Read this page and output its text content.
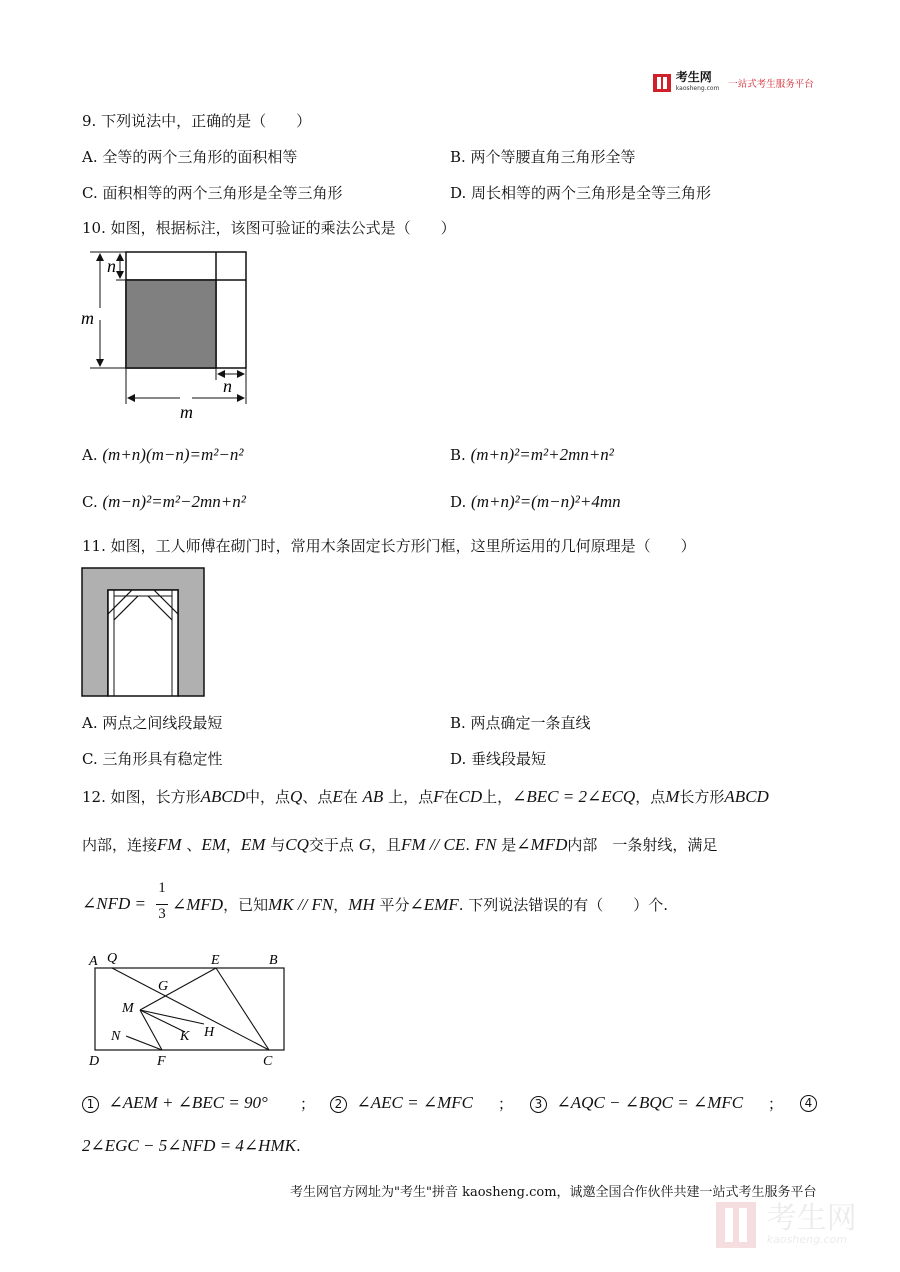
考生网
kaosheng.com 一站式考生服务平台
9. 下列说法中，正确的是（　　）
A. 全等的两个三角形的面积相等	B. 两个等腰直角三角形全等
C. 面积相等的两个三角形是全等三角形	D. 周长相等的两个三角形是全等三角形
10. 如图，根据标注，该图可验证的乘法公式是（　　）
n
m
n
m
A. (m+n)(m−n)=m²−n²	B. (m+n)²=m²+2mn+n²
C. (m−n)²=m²−2mn+n²	D. (m+n)²=(m−n)²+4mn
11. 如图，工人师傅在砌门时，常用木条固定长方形门框，这里所运用的几何原理是（　　）
A. 两点之间线段最短	B. 两点确定一条直线
C. 三角形具有稳定性	D. 垂线段最短
12. 如图，长方形ABCD中，点Q、点E在 AB 上，点F在CD上，∠BEC = 2∠ECQ，点M长方形ABCD
内部，连接FM 、EM，EM 与CQ交于点 G，且FM // CE. FN 是∠MFD内部　一条射线，满足
∠NFD =
1
3 ∠MFD，已知MK // FN，MH 平分∠EMF. 下列说法错误的有（　　）个.
A Q	E	B
G
M
N	K H
D	F	C
1 ∠AEM + ∠BEC = 90° ；	2 ∠AEC = ∠MFC ；	3 ∠AQC − ∠BQC = ∠MFC ；	4
2∠EGC − 5∠NFD = 4∠HMK.
考生网官方网址为"考生"拼音 kaosheng.com，诚邀全国合作伙伴共建一站式考生服务平台
考生网
kaosheng.com
